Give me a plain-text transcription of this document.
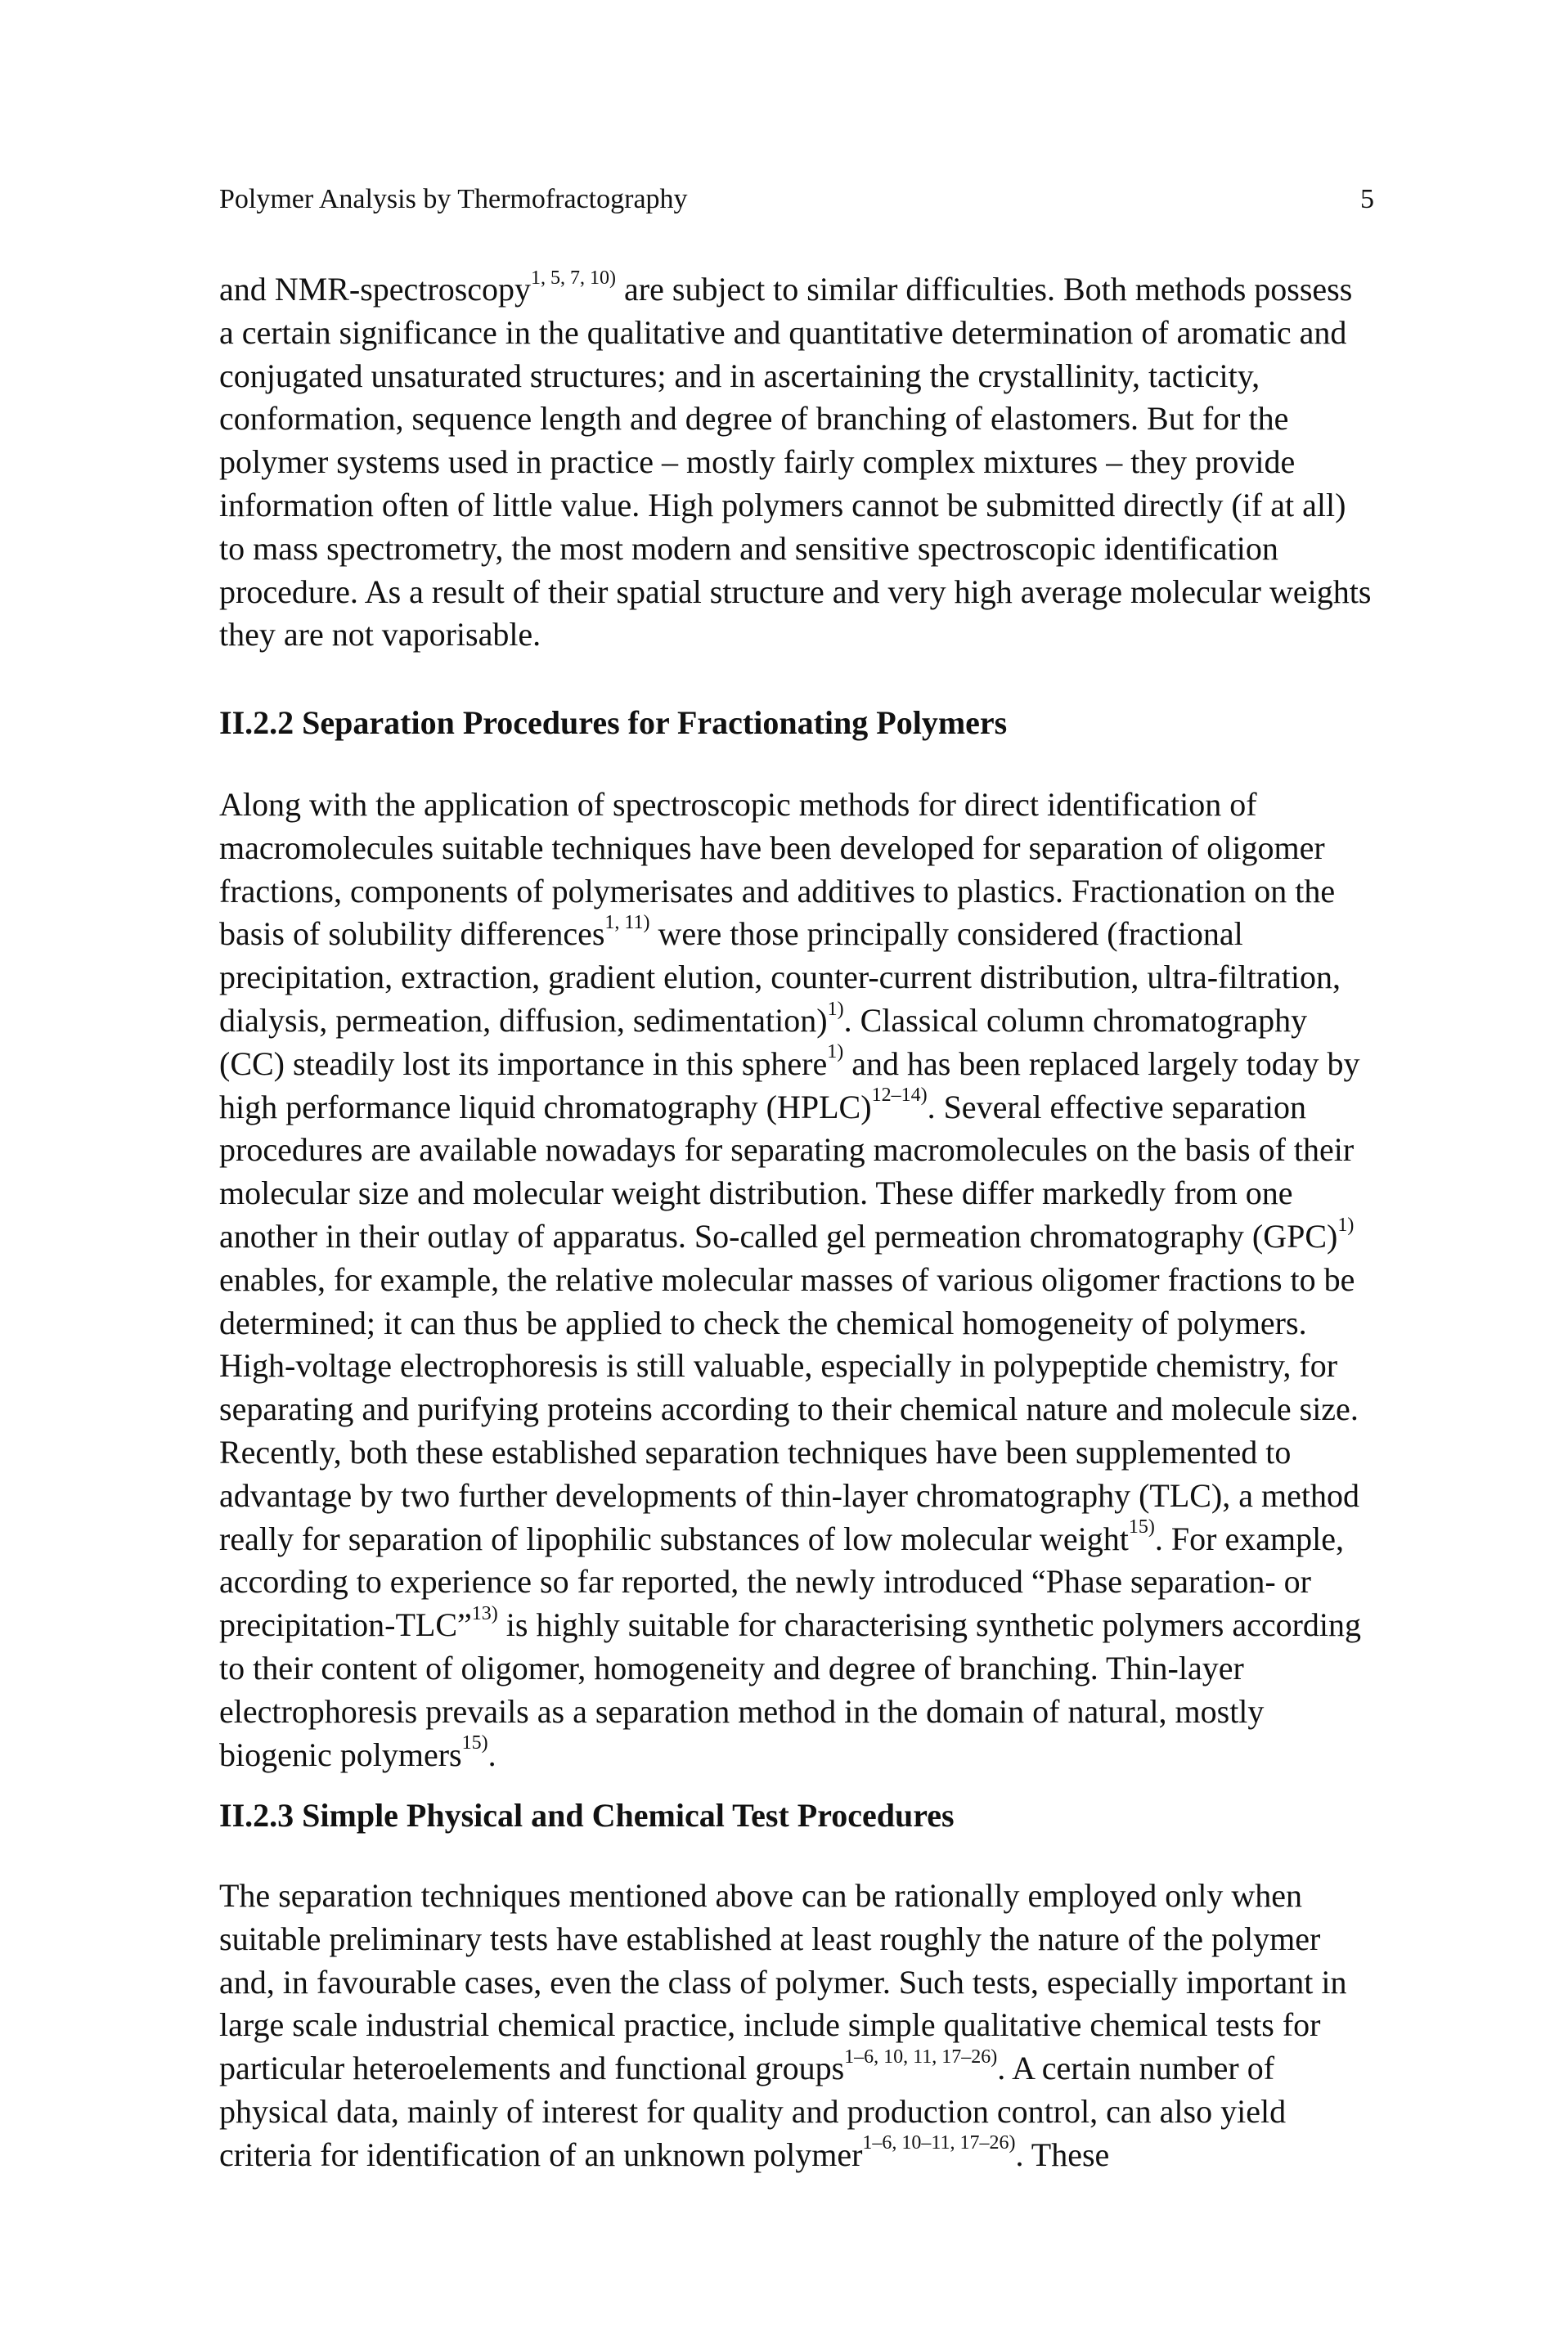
Polymer Analysis by Thermofractography	5

and NMR-spectroscopy$^{1, 5, 7, 10)}$ are subject to similar difficulties. Both methods possess a certain significance in the qualitative and quantitative determination of aromatic and conjugated unsaturated structures; and in ascertaining the crystallinity, tacticity, conformation, sequence length and degree of branching of elastomers. But for the polymer systems used in practice – mostly fairly complex mixtures – they provide information often of little value. High polymers cannot be submitted directly (if at all) to mass spectrometry, the most modern and sensitive spectroscopic identification procedure. As a result of their spatial structure and very high average molecular weights they are not vaporisable.

II.2.2 Separation Procedures for Fractionating Polymers

Along with the application of spectroscopic methods for direct identification of macromolecules suitable techniques have been developed for separation of oligomer fractions, components of polymerisates and additives to plastics. Fractionation on the basis of solubility differences$^{1, 11)}$ were those principally considered (fractional precipitation, extraction, gradient elution, counter-current distribution, ultra-filtration, dialysis, permeation, diffusion, sedimentation)$^{1)}$. Classical column chromatography (CC) steadily lost its importance in this sphere$^{1)}$ and has been replaced largely today by high performance liquid chromatography (HPLC)$^{12-14)}$. Several effective separation procedures are available nowadays for separating macromolecules on the basis of their molecular size and molecular weight distribution. These differ markedly from one another in their outlay of apparatus. So-called gel permeation chromatography (GPC)$^{1)}$ enables, for example, the relative molecular masses of various oligomer fractions to be determined; it can thus be applied to check the chemical homogeneity of polymers. High-voltage electrophoresis is still valuable, especially in polypeptide chemistry, for separating and purifying proteins according to their chemical nature and molecule size. Recently, both these established separation techniques have been supplemented to advantage by two further developments of thin-layer chromatography (TLC), a method really for separation of lipophilic substances of low molecular weight$^{15)}$. For example, according to experience so far reported, the newly introduced “Phase separation- or precipitation-TLC”$^{13)}$ is highly suitable for characterising synthetic polymers according to their content of oligomer, homogeneity and degree of branching. Thin-layer electrophoresis prevails as a separation method in the domain of natural, mostly biogenic polymers$^{15)}$.

II.2.3 Simple Physical and Chemical Test Procedures

The separation techniques mentioned above can be rationally employed only when suitable preliminary tests have established at least roughly the nature of the polymer and, in favourable cases, even the class of polymer. Such tests, especially important in large scale industrial chemical practice, include simple qualitative chemical tests for particular heteroelements and functional groups$^{1-6, 10, 11, 17-26)}$. A certain number of physical data, mainly of interest for quality and production control, can also yield criteria for identification of an unknown polymer$^{1-6, 10-11, 17-26)}$. These
